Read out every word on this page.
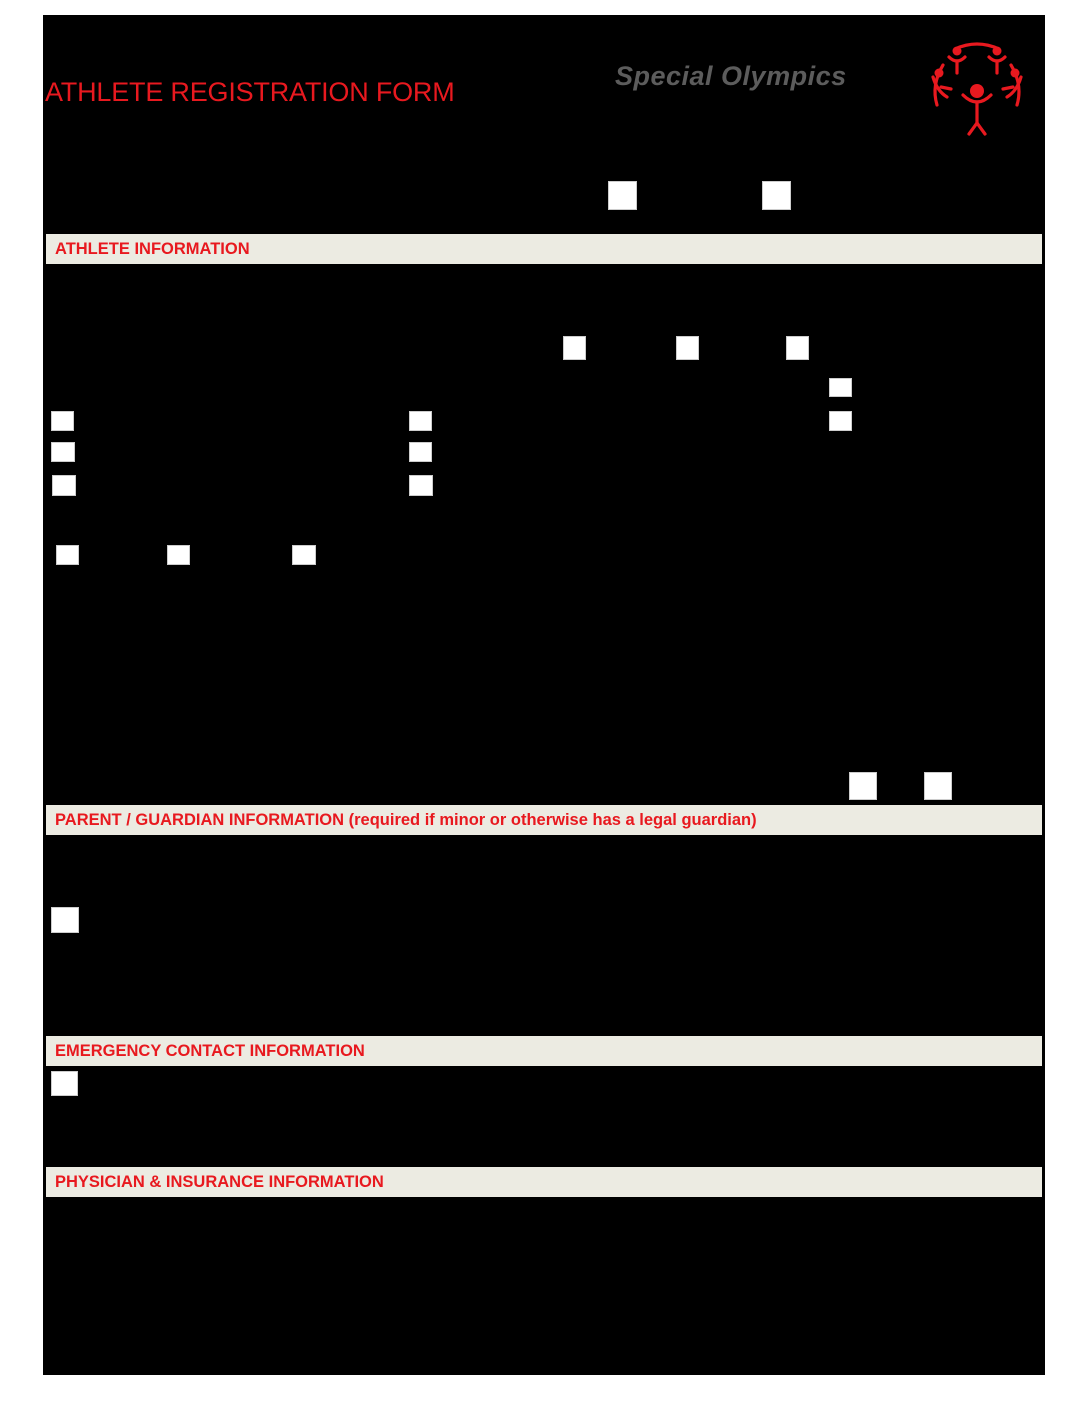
ATHLETE REGISTRATION FORM
Special Olympics
ATHLETE INFORMATION
PARENT / GUARDIAN INFORMATION (required if minor or otherwise has a legal guardian)
EMERGENCY CONTACT INFORMATION
PHYSICIAN & INSURANCE INFORMATION
